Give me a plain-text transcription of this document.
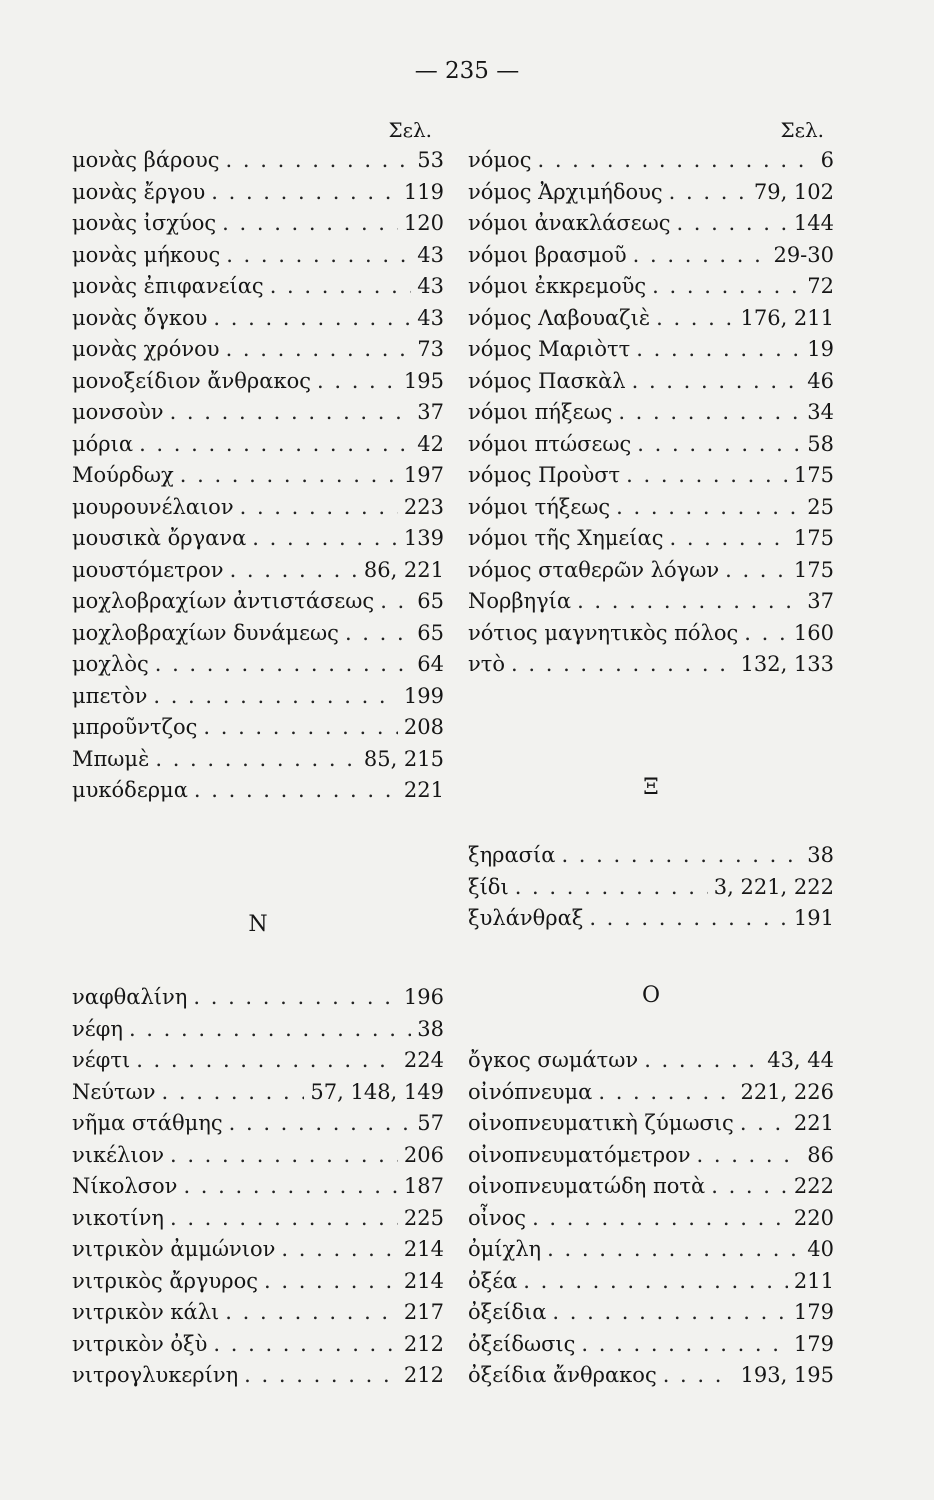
— 235 —
Σελ.
μονὰς βάρους . . .	53
μονὰς ἔργου . . .	119
μονὰς ἰσχύος . . .	120
μονὰς μήκους . . .	43
μονὰς ἐπιφανείας . . .	43
μονὰς ὄγκου . . .	43
μονὰς χρόνου . . .	73
μονοξείδιον ἄνθρακος . . .	195
μονσοὺν . . .	37
μόρια . . .	42
Μούρδωχ . . .	197
μουρουνέλαιον . . .	223
μουσικὰ ὄργανα . . .	139
μουστόμετρον . . .	86, 221
μοχλοβραχίων ἀντιστάσεως . . . 65
μοχλοβραχίων δυνάμεως . . .	65
μοχλὸς . . .	64
μπετὸν . . .	199
μπροῦντζος . . .	208
Μπωμὲ . . .	85, 215
μυκόδερμα . . .	221
Ν
ναφθαλίνη . . .	196
νέφη . . .	38
νέφτι . . .	224
Νεύτων . . .	57, 148, 149
νῆμα στάθμης . . .	57
νικέλιον . . .	206
Νίκολσον . . .	187
νικοτίνη . . .	225
νιτρικὸν ἀμμώνιον . . .	214
νιτρικὸς ἄργυρος . . .	214
νιτρικὸν κάλι . . .	217
νιτρικὸν ὀξὺ . . .	212
νιτρογλυκερίνη . . .	212
Σελ.
νόμος . . .	6
νόμος Ἀρχιμήδους . . .	79, 102
νόμοι ἀνακλάσεως . . .	144
νόμοι βρασμοῦ . . .	29-30
νόμοι ἐκκρεμοῦς . . .	72
νόμος Λαβουαζιὲ . . .	176, 211
νόμος Μαριὸττ . . .	19
νόμος Πασκὰλ . . .	46
νόμοι πήξεως . . .	34
νόμοι πτώσεως . . .	58
νόμος Προὺστ . . .	175
νόμοι τήξεως . . .	25
νόμοι τῆς Χημείας . . .	175
νόμος σταθερῶν λόγων . . .	175
Νορβηγία . . .	37
νότιος μαγνητικὸς πόλος . . .	160
ντὸ . . .	132, 133
Ξ
ξηρασία . . .	38
ξίδι . . .	3, 221, 222
ξυλάνθραξ . . .	191
Ο
ὄγκος σωμάτων . . .	43, 44
οἰνόπνευμα . . .	221, 226
οἰνοπνευματικὴ ζύμωσις . . .	221
οἰνοπνευματόμετρον . . .	86
οἰνοπνευματώδη ποτὰ . . .	222
οἶνος . . .	220
ὀμίχλη . . .	40
ὀξέα . . .	211
ὀξείδια . . .	179
ὀξείδωσις . . .	179
ὀξείδια ἄνθρακος . . .	193, 195
